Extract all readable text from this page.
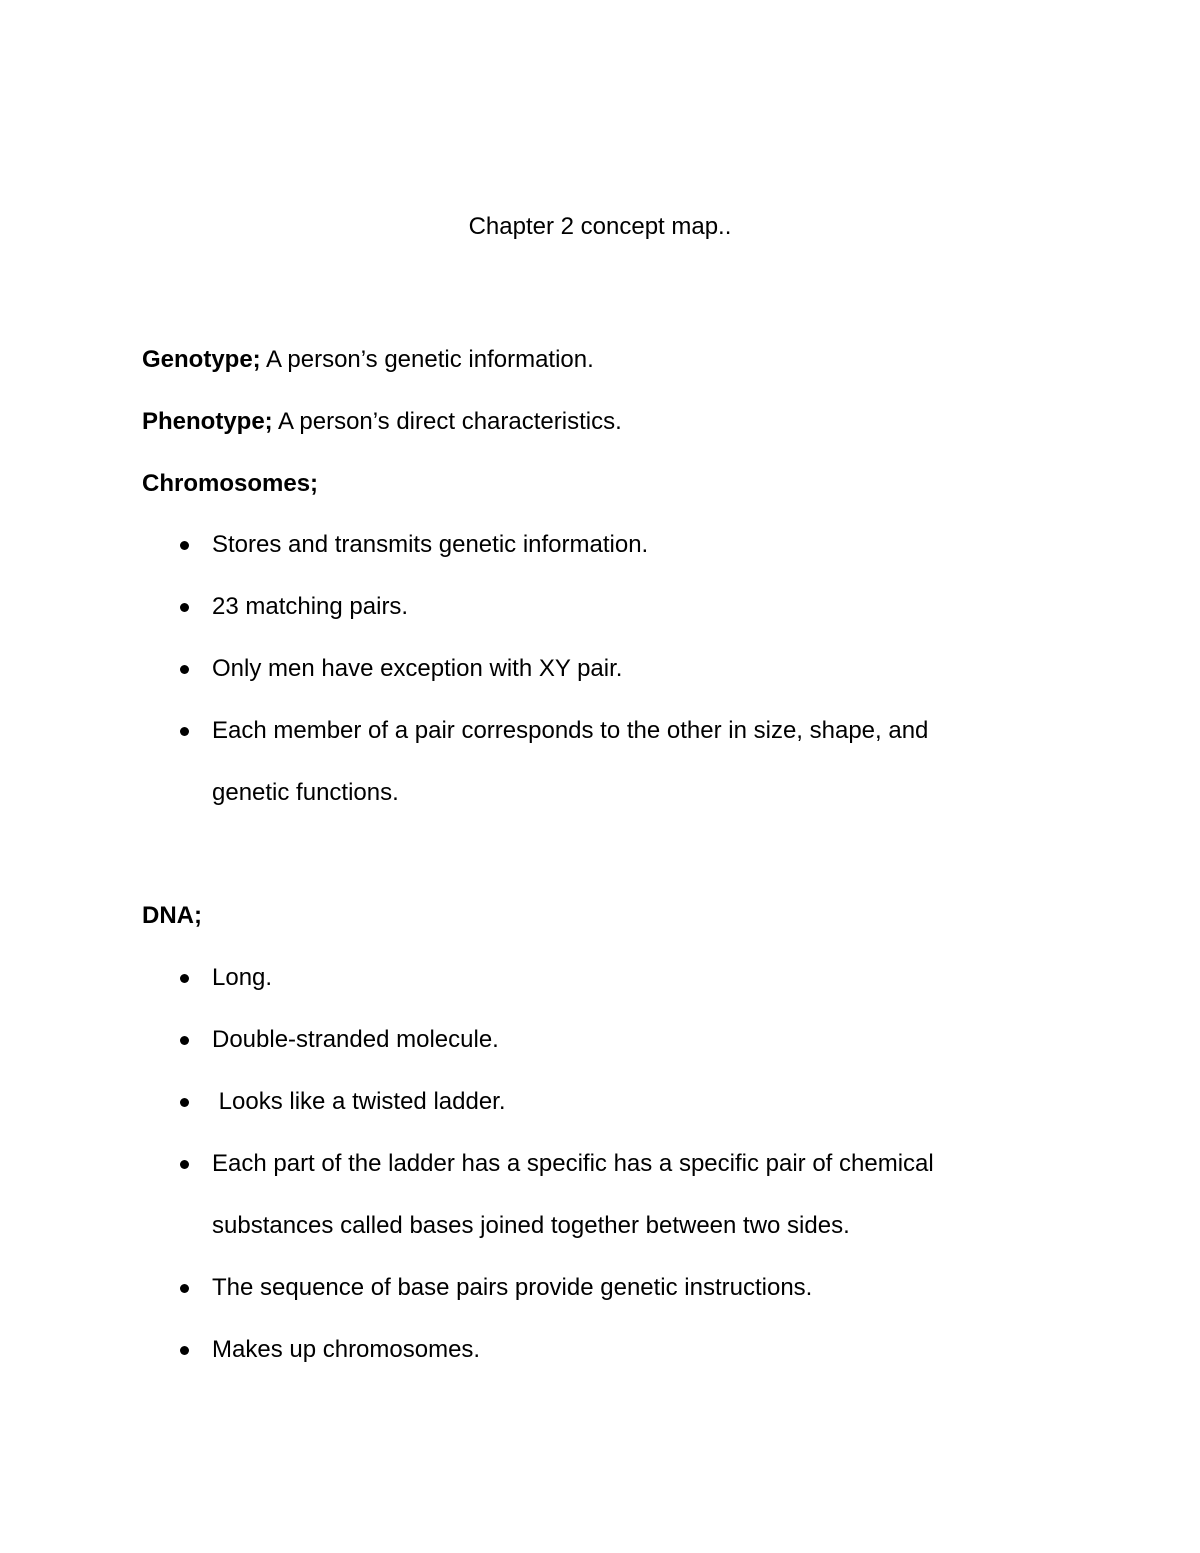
Chapter 2 concept map..

Genotype; A person’s genetic information.

Phenotype; A person’s direct characteristics.

Chromosomes;

Stores and transmits genetic information.
23 matching pairs.
Only men have exception with XY pair.
Each member of a pair corresponds to the other in size, shape, and
genetic functions.

DNA;

Long.
Double-stranded molecule.
Looks like a twisted ladder.
Each part of the ladder has a specific has a specific pair of chemical
substances called bases joined together between two sides.
The sequence of base pairs provide genetic instructions.
Makes up chromosomes.
